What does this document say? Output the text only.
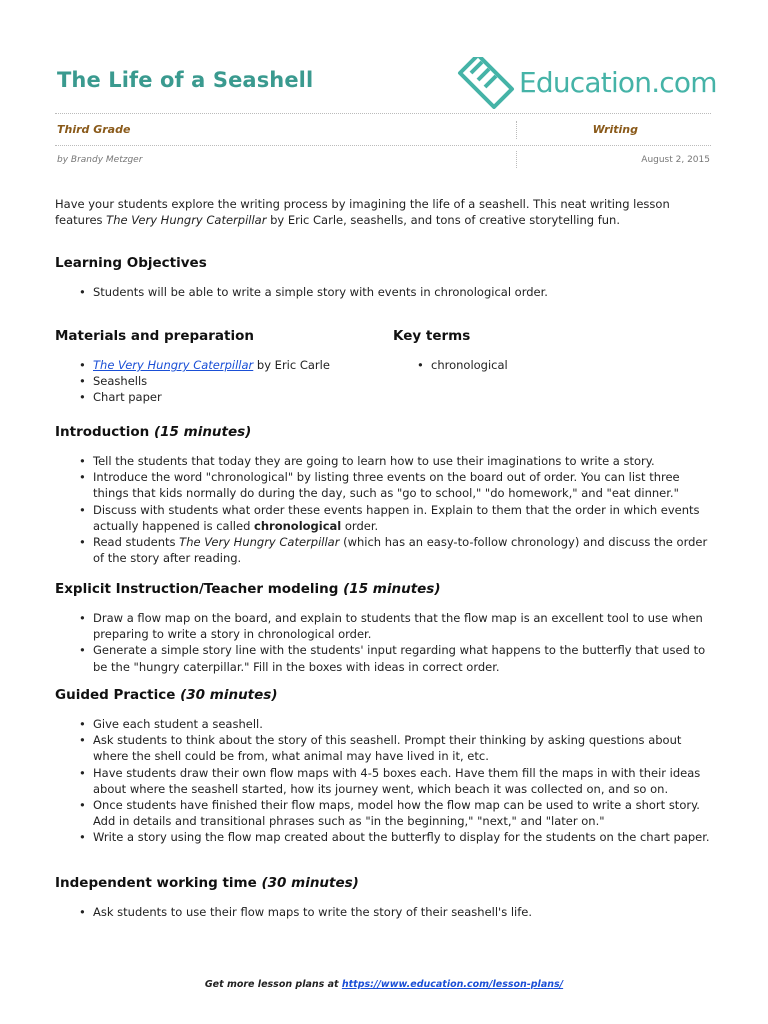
The Life of a Seashell	Education.com
Third Grade	Writing
by Brandy Metzger	August 2, 2015

Have your students explore the writing process by imagining the life of a seashell. This neat writing lesson features The Very Hungry Caterpillar by Eric Carle, seashells, and tons of creative storytelling fun.

Learning Objectives
• Students will be able to write a simple story with events in chronological order.
Materials and preparation
• The Very Hungry Caterpillar by Eric Carle
• Seashells
• Chart paper
Key terms
• chronological
Introduction (15 minutes)
• Tell the students that today they are going to learn how to use their imaginations to write a story.
• Introduce the word "chronological" by listing three events on the board out of order. You can list three things that kids normally do during the day, such as "go to school," "do homework," and "eat dinner."
• Discuss with students what order these events happen in. Explain to them that the order in which events actually happened is called chronological order.
• Read students The Very Hungry Caterpillar (which has an easy-to-follow chronology) and discuss the order of the story after reading.
Explicit Instruction/Teacher modeling (15 minutes)
• Draw a flow map on the board, and explain to students that the flow map is an excellent tool to use when preparing to write a story in chronological order.
• Generate a simple story line with the students' input regarding what happens to the butterfly that used to be the "hungry caterpillar." Fill in the boxes with ideas in correct order.
Guided Practice (30 minutes)
• Give each student a seashell.
• Ask students to think about the story of this seashell. Prompt their thinking by asking questions about where the shell could be from, what animal may have lived in it, etc.
• Have students draw their own flow maps with 4-5 boxes each. Have them fill the maps in with their ideas about where the seashell started, how its journey went, which beach it was collected on, and so on.
• Once students have finished their flow maps, model how the flow map can be used to write a short story. Add in details and transitional phrases such as "in the beginning," "next," and "later on."
• Write a story using the flow map created about the butterfly to display for the students on the chart paper.
Independent working time (30 minutes)
• Ask students to use their flow maps to write the story of their seashell's life.
Get more lesson plans at https://www.education.com/lesson-plans/
